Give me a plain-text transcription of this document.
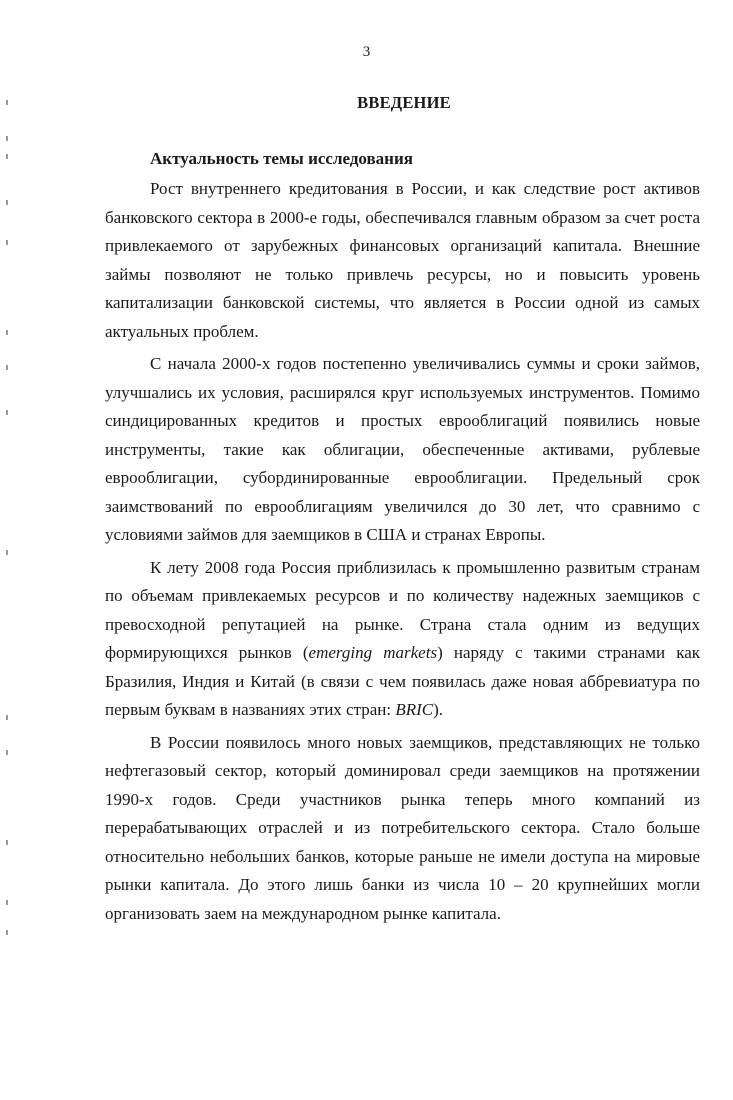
3
ВВЕДЕНИЕ
Актуальность темы исследования

Рост внутреннего кредитования в России, и как следствие рост активов банковского сектора в 2000-е годы, обеспечивался главным образом за счет роста привлекаемого от зарубежных финансовых организаций капитала. Внешние займы позволяют не только привлечь ресурсы, но и повысить уровень капитализации банковской системы, что является в России одной из самых актуальных проблем.

С начала 2000-х годов постепенно увеличивались суммы и сроки займов, улучшались их условия, расширялся круг используемых инструментов. Помимо синдицированных кредитов и простых еврооблигаций появились новые инструменты, такие как облигации, обеспеченные активами, рублевые еврооблигации, субординированные еврооблигации. Предельный срок заимствований по еврооблигациям увеличился до 30 лет, что сравнимо с условиями займов для заемщиков в США и странах Европы.

К лету 2008 года Россия приблизилась к промышленно развитым странам по объемам привлекаемых ресурсов и по количеству надежных заемщиков с превосходной репутацией на рынке. Страна стала одним из ведущих формирующихся рынков (emerging markets) наряду с такими странами как Бразилия, Индия и Китай (в связи с чем появилась даже новая аббревиатура по первым буквам в названиях этих стран: BRIC).

В России появилось много новых заемщиков, представляющих не только нефтегазовый сектор, который доминировал среди заемщиков на протяжении 1990-х годов. Среди участников рынка теперь много компаний из перерабатывающих отраслей и из потребительского сектора. Стало больше относительно небольших банков, которые раньше не имели доступа на мировые рынки капитала. До этого лишь банки из числа 10 – 20 крупнейших могли организовать заем на международном рынке капитала.
